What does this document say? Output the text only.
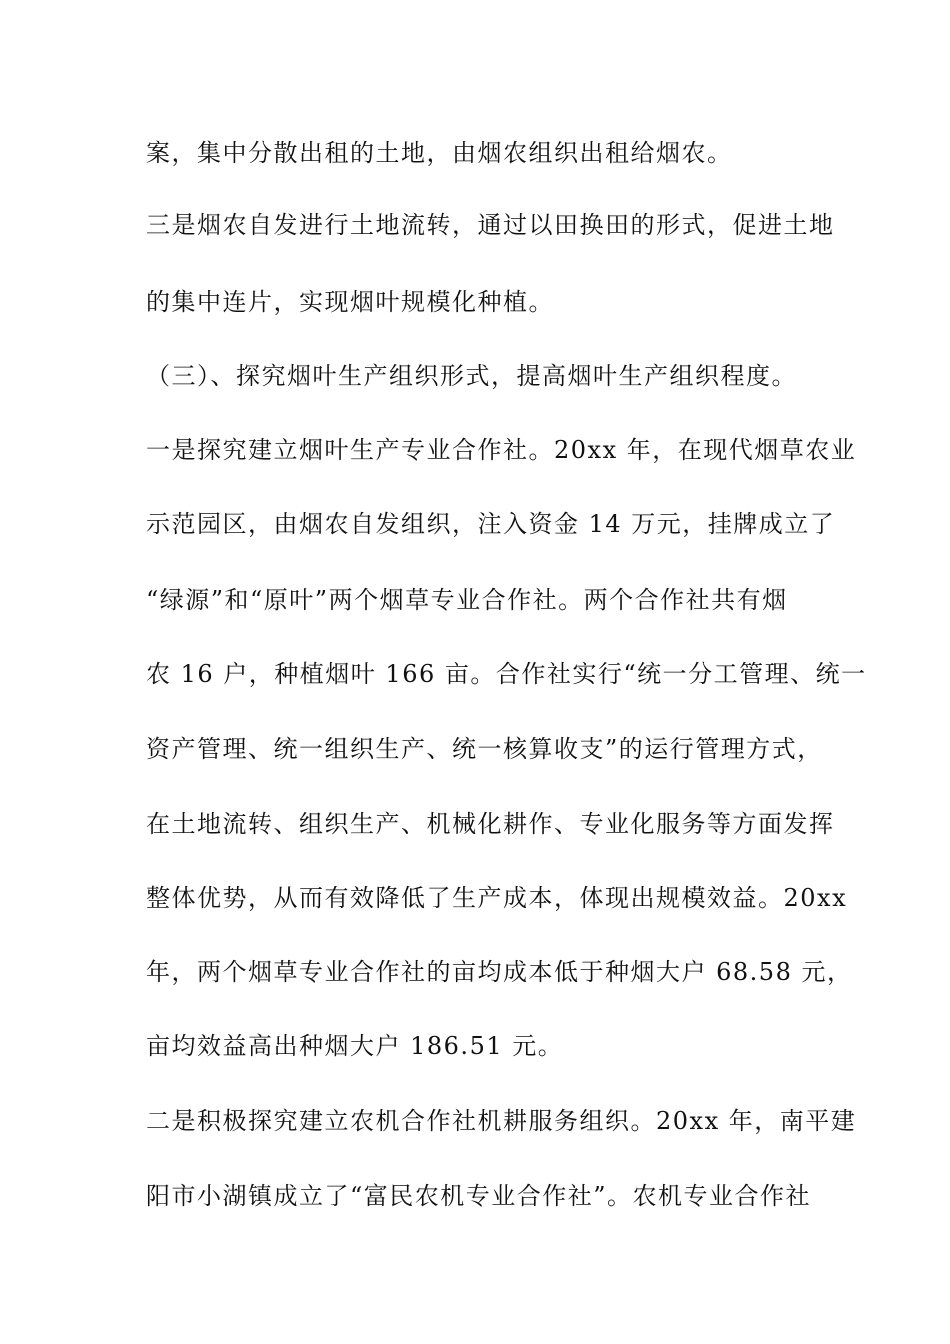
案，集中分散出租的土地，由烟农组织出租给烟农。
三是烟农自发进行土地流转，通过以田换田的形式，促进土地
的集中连片，实现烟叶规模化种植。
（三）、探究烟叶生产组织形式，提高烟叶生产组织程度。
一是探究建立烟叶生产专业合作社。20xx 年，在现代烟草农业
示范园区，由烟农自发组织，注入资金 14 万元，挂牌成立了
“绿源”和“原叶”两个烟草专业合作社。两个合作社共有烟
农 16 户，种植烟叶 166 亩。合作社实行“统一分工管理、统一
资产管理、统一组织生产、统一核算收支”的运行管理方式，
在土地流转、组织生产、机械化耕作、专业化服务等方面发挥
整体优势，从而有效降低了生产成本，体现出规模效益。20xx
年，两个烟草专业合作社的亩均成本低于种烟大户 68.58 元，
亩均效益高出种烟大户 186.51 元。
二是积极探究建立农机合作社机耕服务组织。20xx 年，南平建
阳市小湖镇成立了“富民农机专业合作社”。农机专业合作社
